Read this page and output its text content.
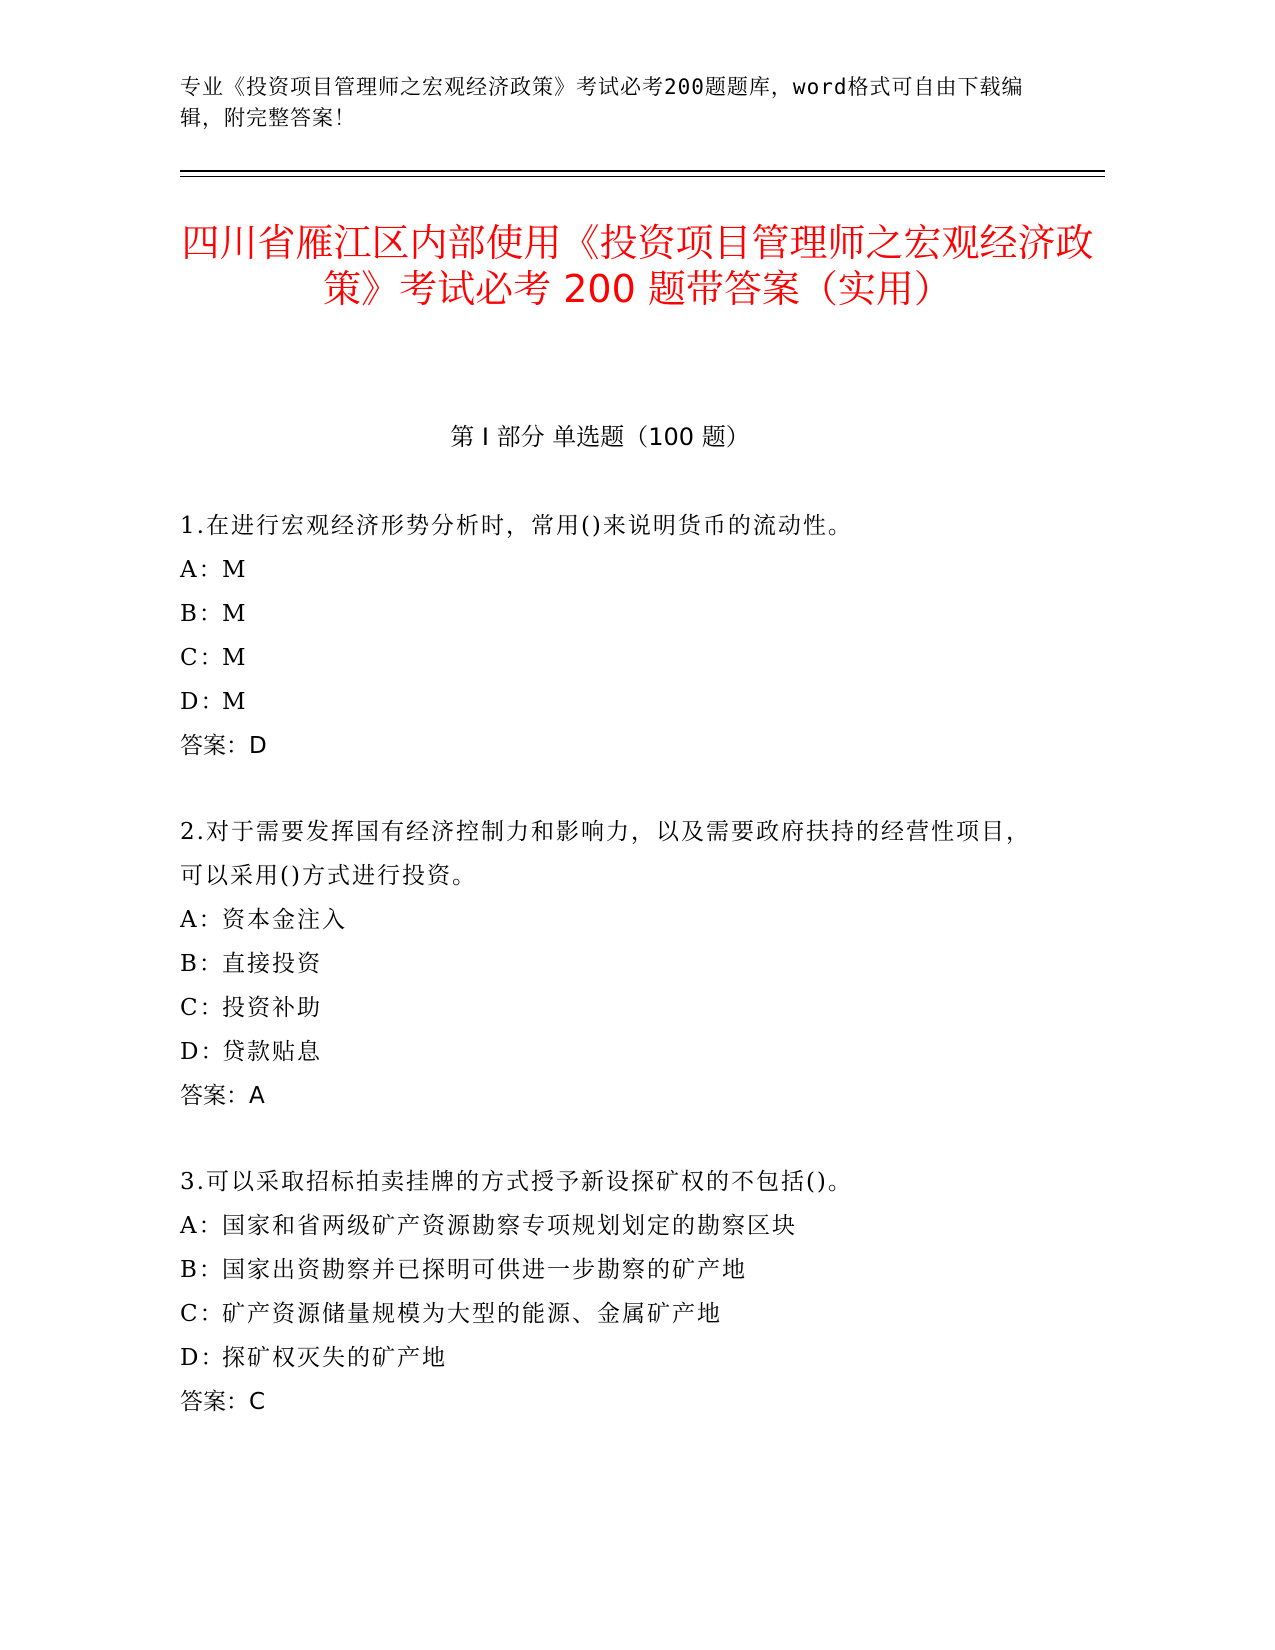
专业《投资项目管理师之宏观经济政策》考试必考200题题库，word格式可自由下载编辑，附完整答案！
四川省雁江区内部使用《投资项目管理师之宏观经济政策》考试必考 200 题带答案（实用）
第 I 部分 单选题（100 题）
1.在进行宏观经济形势分析时，常用()来说明货币的流动性。
A：
M
B：
M
C：
M
D：
M
答案：D
2.对于需要发挥国有经济控制力和影响力，以及需要政府扶持的经营性项目，可以采用()方式进行投资。
A：
资本金注入
B：
直接投资
C：
投资补助
D：
贷款贴息
答案：A
3.可以采取招标拍卖挂牌的方式授予新设探矿权的不包括()。
A：
国家和省两级矿产资源勘察专项规划划定的勘察区块
B：
国家出资勘察并已探明可供进一步勘察的矿产地
C：
矿产资源储量规模为大型的能源、金属矿产地
D：
探矿权灭失的矿产地
答案：C
